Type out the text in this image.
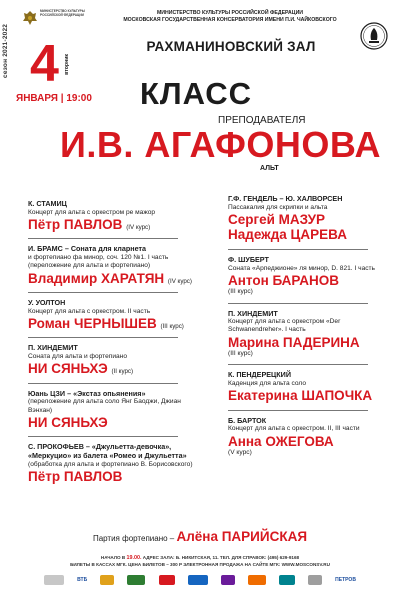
сезон 2021-2022
МИНИСТЕРСТВО КУЛЬТУРЫ РОССИЙСКОЙ ФЕДЕРАЦИИ	МИНИСТЕРСТВО КУЛЬТУРЫ РОССИЙСКОЙ ФЕДЕРАЦИИ
МОСКОВСКАЯ ГОСУДАРСТВЕННАЯ КОНСЕРВАТОРИЯ ИМЕНИ П.И. ЧАЙКОВСКОГО
РАХМАНИНОВСКИЙ ЗАЛ
4 вторник
ЯНВАРЯ | 19:00 КЛАСС
ПРЕПОДАВАТЕЛЯ
И.В. АГАФОНОВА
АЛЬТ
К. СТАМИЦ
Концерт для альта с оркестром ре мажор
Пётр ПАВЛОВ (IV курс)
И. БРАМС – Соната для кларнета
и фортепиано фа минор, соч. 120 №1. I часть (переложение для альта и фортепиано)
Владимир ХАРАТЯН (IV курс)
У. УОЛТОН
Концерт для альта с оркестром. II часть
Роман ЧЕРНЫШЕВ (III курс)
П. ХИНДЕМИТ
Соната для альта и фортепиано
НИ СЯНЬХЭ (II курс)
Юань ЦЗИ – «Экстаз опьянения»
(переложение для альта соло Янг Баоджи, Джиан Вэнхан)
НИ СЯНЬХЭ
С. ПРОКОФЬЕВ – «Джульетта-девочка», «Меркуцио» из балета «Ромео и Джульетта»
(обработка для альта и фортепиано В. Борисовского)
Пётр ПАВЛОВ
Г.Ф. ГЕНДЕЛЬ – Ю. ХАЛВОРСЕН
Пассакалия для скрипки и альта
Сергей МАЗУР
Надежда ЦАРЕВА
Ф. ШУБЕРТ
Соната «Арпеджионе» ля минор, D. 821. I часть
Антон БАРАНОВ
(III курс)
П. ХИНДЕМИТ
Концерт для альта с оркестром «Der Schwanendreher». I часть
Марина ПАДЕРИНА
(III курс)
К. ПЕНДЕРЕЦКИЙ
Каденция для альта соло
Екатерина ШАПОЧКА
Б. БАРТОК
Концерт для альта с оркестром. II, III части
Анна ОЖЕГОВА
(V курс)
Партия фортепиано – Алёна ПАРИЙСКАЯ
НАЧАЛО В 19.00. АДРЕС ЗАЛА: Б. НИКИТСКАЯ, 11. ТЕЛ. ДЛЯ СПРАВОК: (495) 629-9168
БИЛЕТЫ В КАССАХ МГК. ЦЕНА БИЛЕТОВ – 300 Р ЭЛЕКТРОННАЯ ПРОДАЖА НА САЙТЕ МГК: WWW.MOSCONSV.RU
ВТБ	ПЕТРОВ
